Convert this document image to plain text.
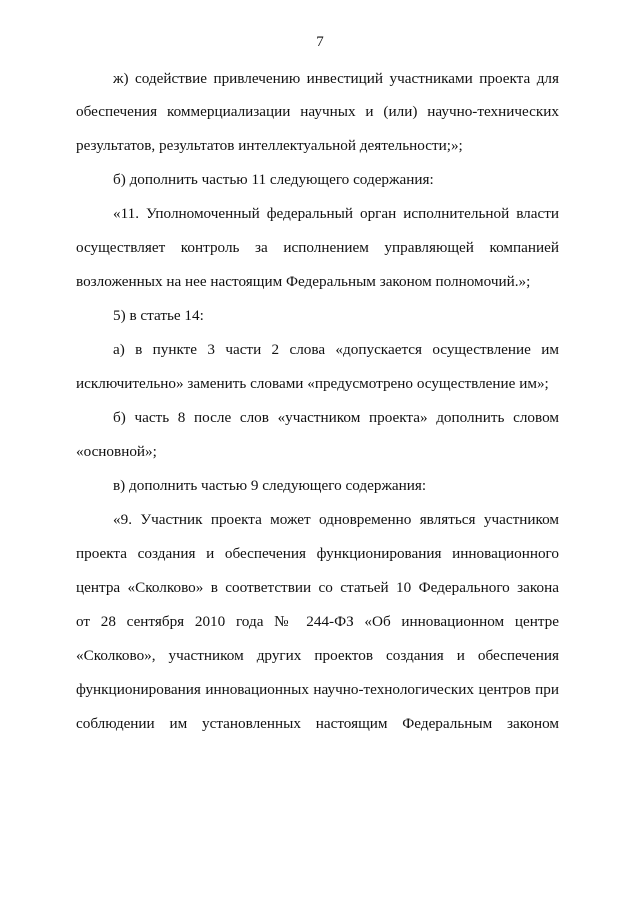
7
ж) содействие привлечению инвестиций участниками проекта для
обеспечения коммерциализации научных и (или) научно-технических
результатов, результатов интеллектуальной деятельности;»;
б) дополнить частью 11 следующего содержания:
«11. Уполномоченный федеральный орган исполнительной власти
осуществляет контроль за исполнением управляющей компанией
возложенных на нее настоящим Федеральным законом полномочий.»;
5) в статье 14:
а) в пункте 3 части 2 слова «допускается осуществление им
исключительно» заменить словами «предусмотрено осуществление им»;
б) часть 8 после слов «участником проекта» дополнить словом
«основной»;
в) дополнить частью 9 следующего содержания:
«9. Участник проекта может одновременно являться участником
проекта создания и обеспечения функционирования инновационного
центра «Сколково» в соответствии со статьей 10 Федерального закона
от 28 сентября 2010 года № 244-ФЗ «Об инновационном центре
«Сколково», участником других проектов создания и обеспечения
функционирования инновационных научно-технологических центров при
соблюдении им установленных настоящим Федеральным законом
